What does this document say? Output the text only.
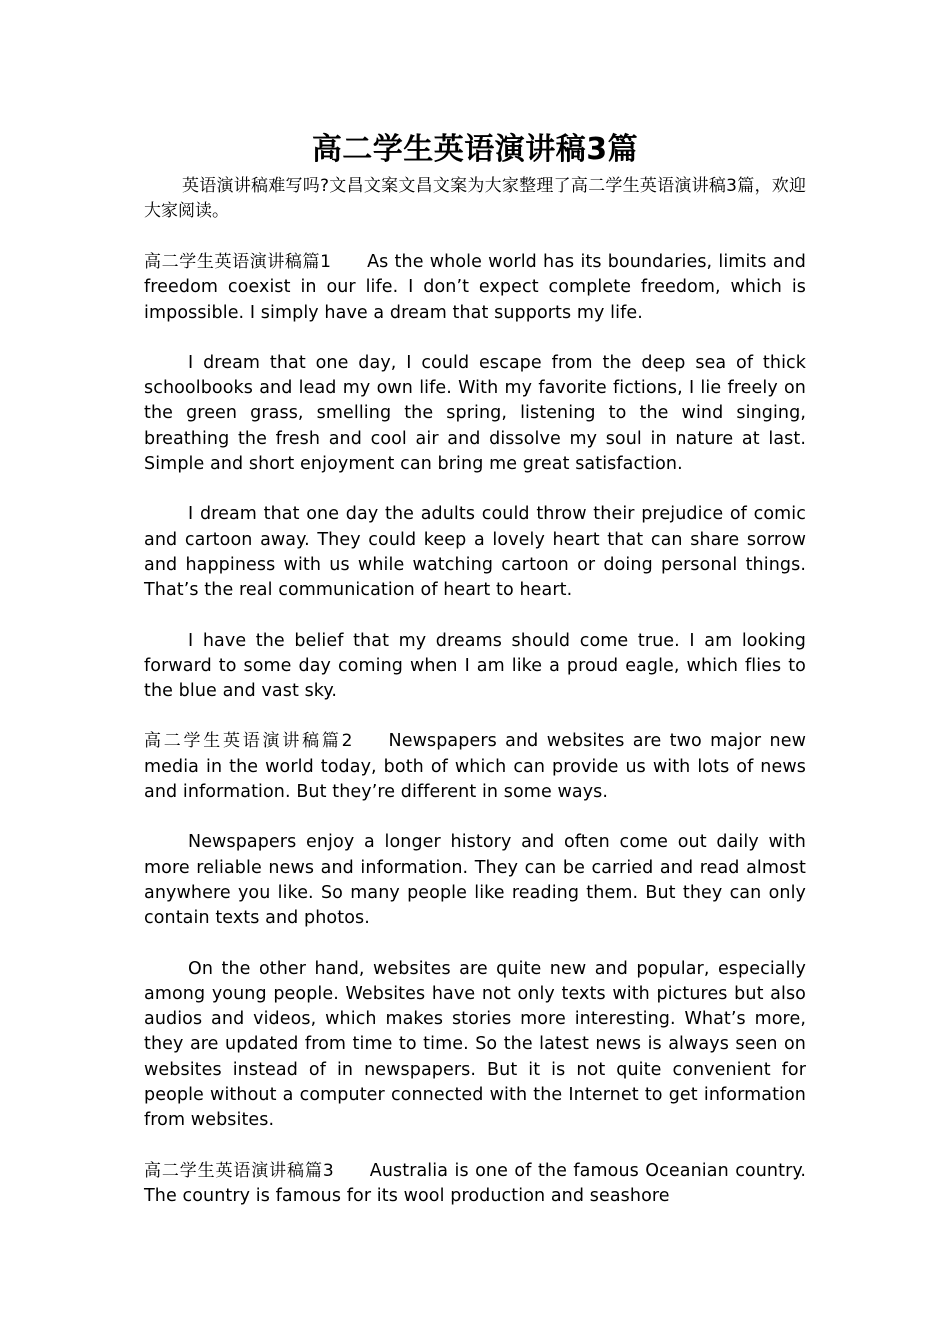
高二学生英语演讲稿3篇

英语演讲稿难写吗?文昌文案文昌文案为大家整理了高二学生英语演讲稿3篇，欢迎大家阅读。

高二学生英语演讲稿篇1 As the whole world has its boundaries, limits and freedom coexist in our life. I don’t expect complete freedom, which is impossible. I simply have a dream that supports my life.

I dream that one day, I could escape from the deep sea of thick schoolbooks and lead my own life. With my favorite fictions, I lie freely on the green grass, smelling the spring, listening to the wind singing, breathing the fresh and cool air and dissolve my soul in nature at last. Simple and short enjoyment can bring me great satisfaction.

I dream that one day the adults could throw their prejudice of comic and cartoon away. They could keep a lovely heart that can share sorrow and happiness with us while watching cartoon or doing personal things. That’s the real communication of heart to heart.

I have the belief that my dreams should come true. I am looking forward to some day coming when I am like a proud eagle, which flies to the blue and vast sky.

高二学生英语演讲稿篇2 Newspapers and websites are two major new media in the world today, both of which can provide us with lots of news and information. But they’re different in some ways.

Newspapers enjoy a longer history and often come out daily with more reliable news and information. They can be carried and read almost anywhere you like. So many people like reading them. But they can only contain texts and photos.

On the other hand, websites are quite new and popular, especially among young people. Websites have not only texts with pictures but also audios and videos, which makes stories more interesting. What’s more, they are updated from time to time. So the latest news is always seen on websites instead of in newspapers. But it is not quite convenient for people without a computer connected with the Internet to get information from websites.

高二学生英语演讲稿篇3 Australia is one of the famous Oceanian country. The country is famous for its wool production and seashore
